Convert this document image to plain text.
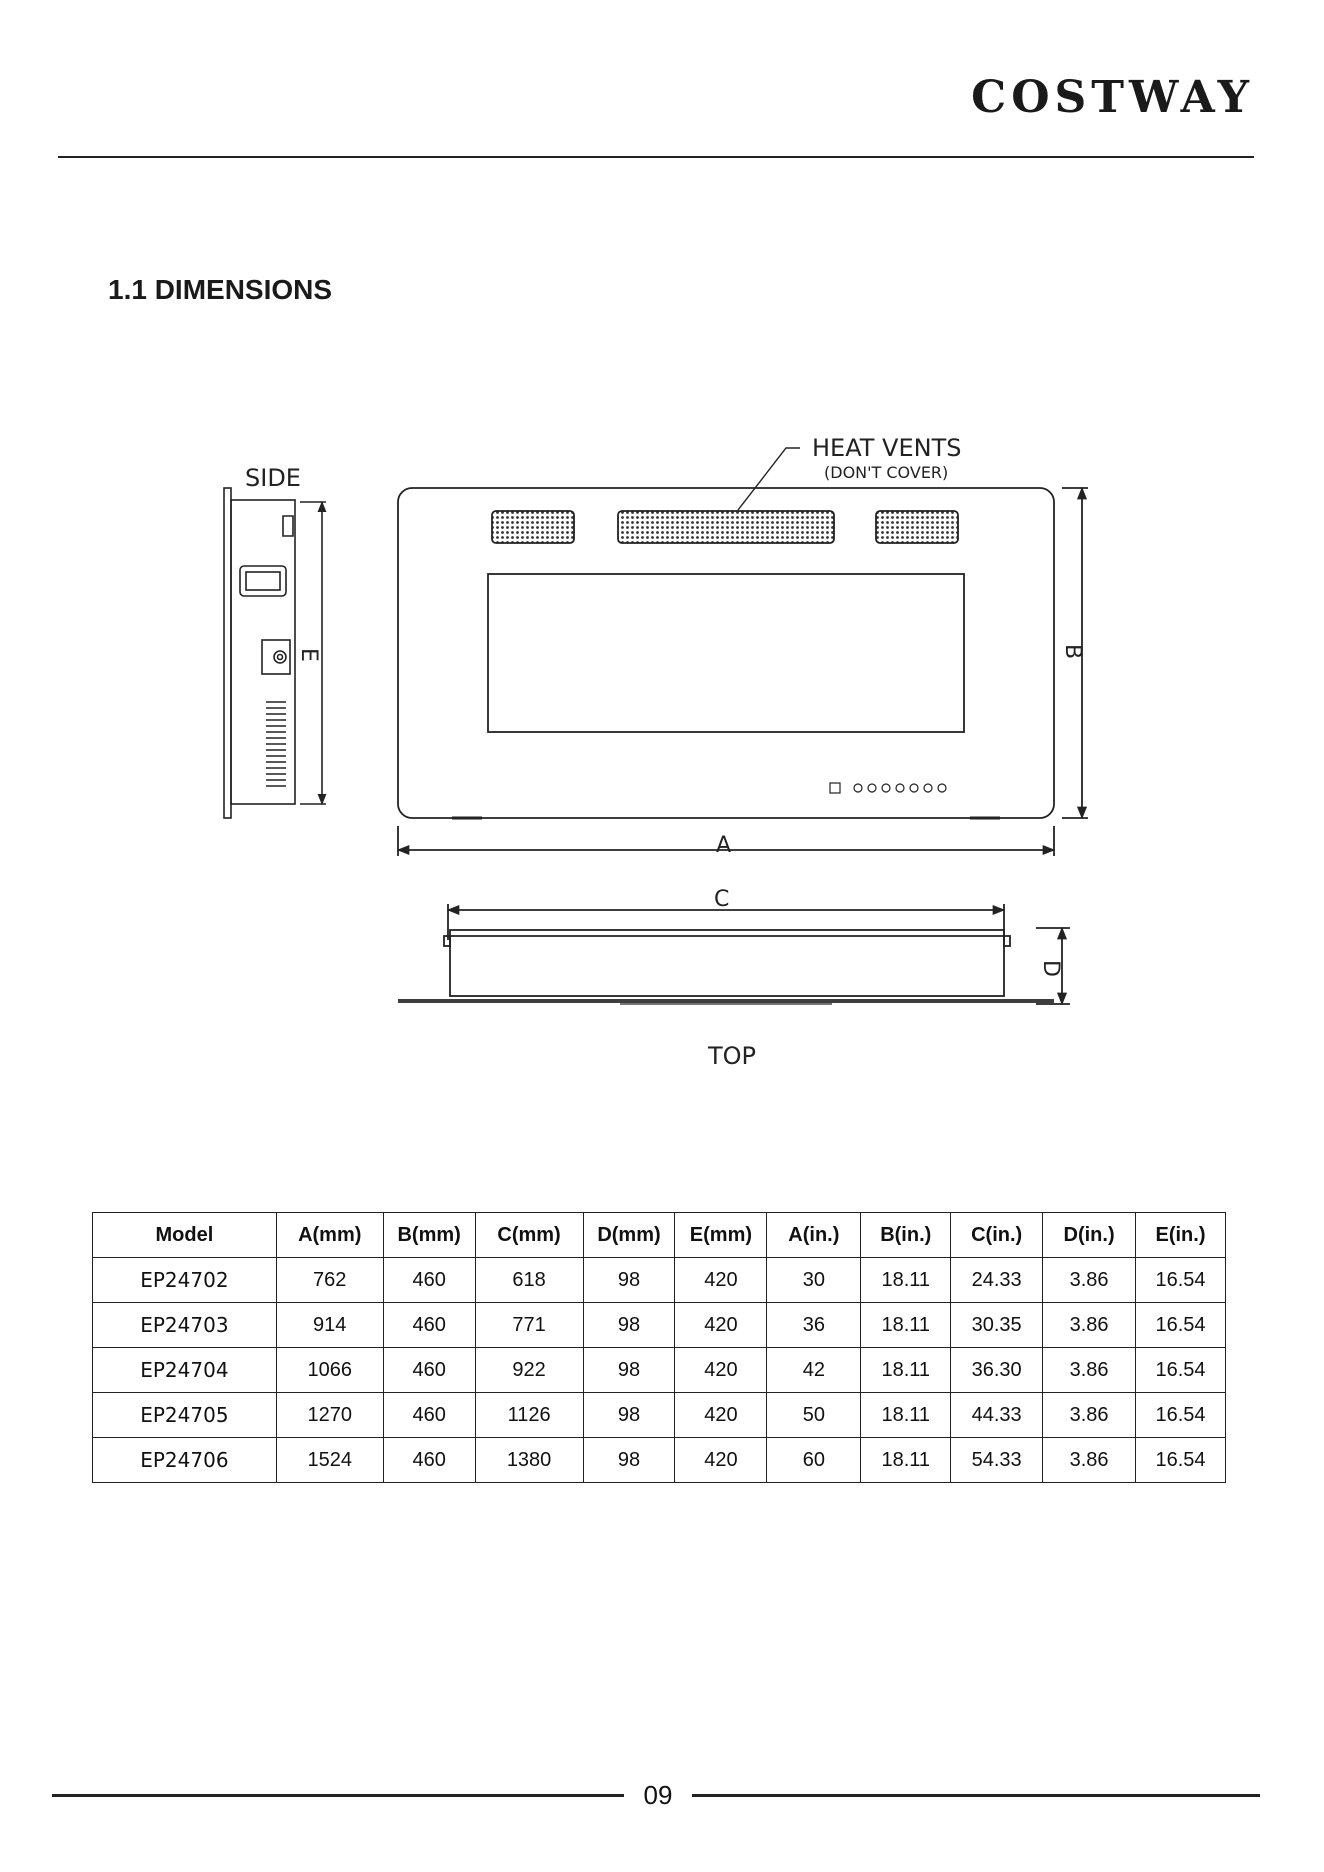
COSTWAY
1.1 DIMENSIONS
SIDE
E
HEAT VENTS
(DON'T COVER)
B
A
C
D
TOP
Model	A(mm)	B(mm)	C(mm)	D(mm)	E(mm)	A(in.)	B(in.)	C(in.)	D(in.)	E(in.)
EP24702	762	460	618	98	420	30	18.11	24.33	3.86	16.54
EP24703	914	460	771	98	420	36	18.11	30.35	3.86	16.54
EP24704	1066	460	922	98	420	42	18.11	36.30	3.86	16.54
EP24705	1270	460	1126	98	420	50	18.11	44.33	3.86	16.54
EP24706	1524	460	1380	98	420	60	18.11	54.33	3.86	16.54
09
